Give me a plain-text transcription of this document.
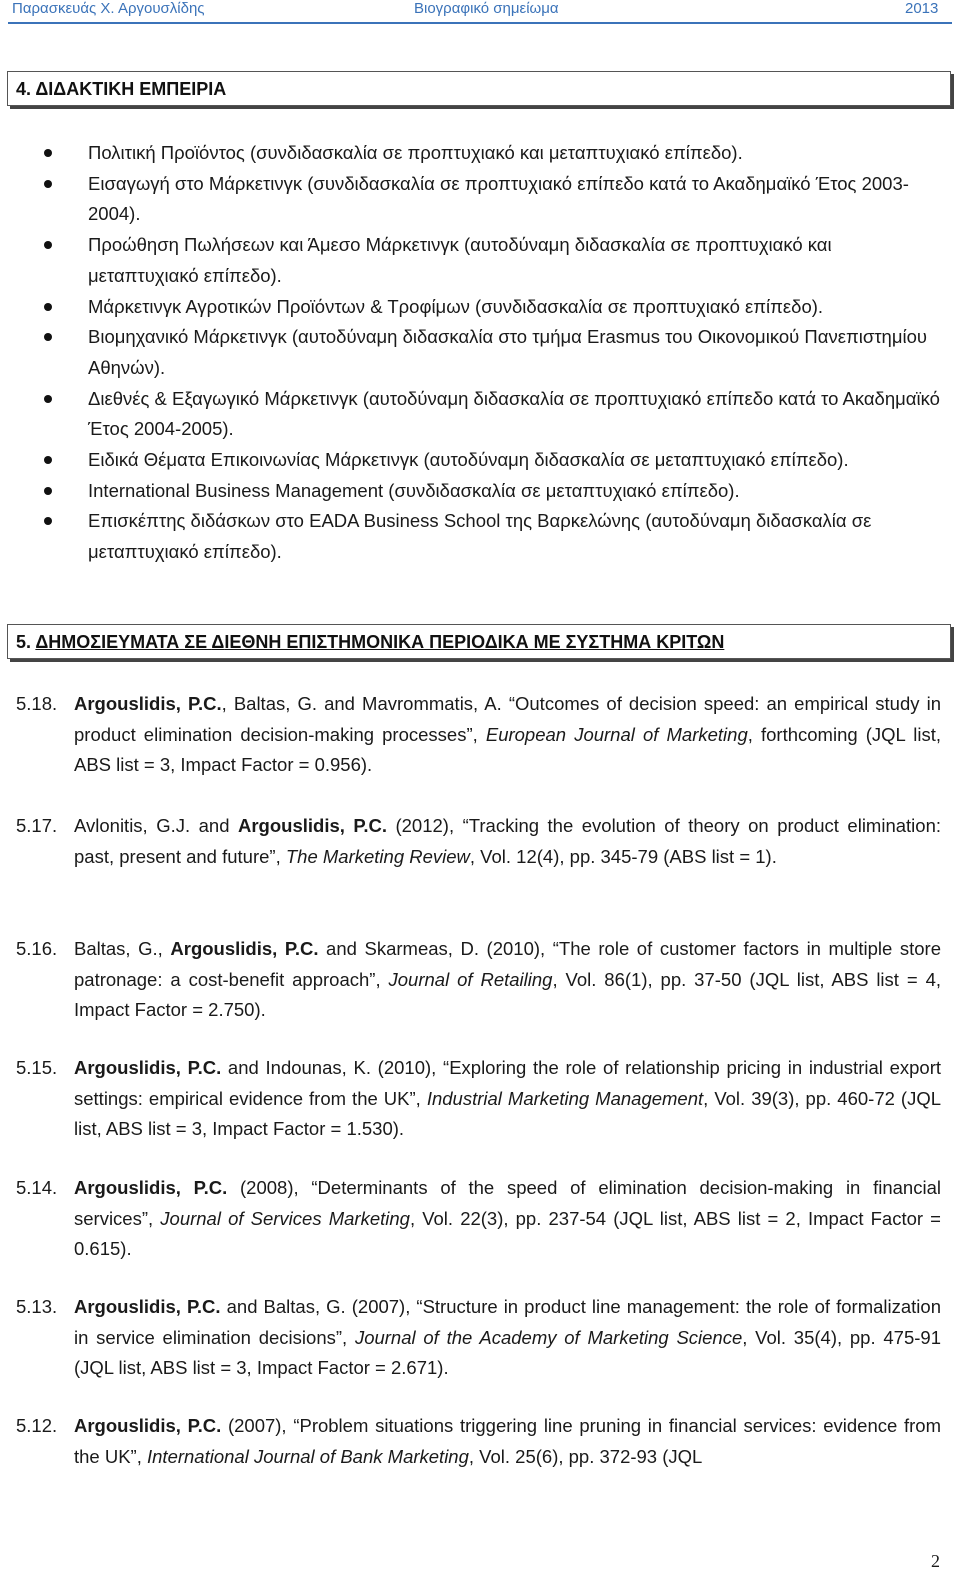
Παρασκευάς Χ. Αργουσλίδης	Βιογραφικό σημείωμα	2013
4. ΔΙΔΑΚΤΙΚΗ ΕΜΠΕΙΡΙΑ
Πολιτική Προϊόντος (συνδιδασκαλία σε προπτυχιακό και μεταπτυχιακό επίπεδο).
Εισαγωγή στο Μάρκετινγκ (συνδιδασκαλία σε προπτυχιακό επίπεδο κατά το Ακαδημαϊκό Έτος 2003-2004).
Προώθηση Πωλήσεων και Άμεσο Μάρκετινγκ (αυτοδύναμη διδασκαλία σε προπτυχιακό και μεταπτυχιακό επίπεδο).
Μάρκετινγκ Αγροτικών Προϊόντων & Τροφίμων (συνδιδασκαλία σε προπτυχιακό επίπεδο).
Βιομηχανικό Μάρκετινγκ (αυτοδύναμη διδασκαλία στο τμήμα Erasmus του Οικονομικού Πανεπιστημίου Αθηνών).
Διεθνές & Εξαγωγικό Μάρκετινγκ (αυτοδύναμη διδασκαλία σε προπτυχιακό επίπεδο κατά το Ακαδημαϊκό Έτος 2004-2005).
Ειδικά Θέματα Επικοινωνίας Μάρκετινγκ (αυτοδύναμη διδασκαλία σε μεταπτυχιακό επίπεδο).
International Business Management (συνδιδασκαλία σε μεταπτυχιακό επίπεδο).
Επισκέπτης διδάσκων στο EADA Business School της Βαρκελώνης (αυτοδύναμη διδασκαλία σε μεταπτυχιακό επίπεδο).
5. ΔΗΜΟΣΙΕΥΜΑΤΑ ΣΕ ΔΙΕΘΝΗ ΕΠΙΣΤΗΜΟΝΙΚΑ ΠΕΡΙΟΔΙΚΑ ΜΕ ΣΥΣΤΗΜΑ ΚΡΙΤΩΝ
5.18. Argouslidis, P.C., Baltas, G. and Mavrommatis, A. “Outcomes of decision speed: an empirical study in product elimination decision-making processes”, European Journal of Marketing, forthcoming (JQL list, ABS list = 3, Impact Factor = 0.956).
5.17. Avlonitis, G.J. and Argouslidis, P.C. (2012), “Tracking the evolution of theory on product elimination: past, present and future”, The Marketing Review, Vol. 12(4), pp. 345-79 (ABS list = 1).
5.16. Baltas, G., Argouslidis, P.C. and Skarmeas, D. (2010), “The role of customer factors in multiple store patronage: a cost-benefit approach”, Journal of Retailing, Vol. 86(1), pp. 37-50 (JQL list, ABS list = 4, Impact Factor = 2.750).
5.15. Argouslidis, P.C. and Indounas, K. (2010), “Exploring the role of relationship pricing in industrial export settings: empirical evidence from the UK”, Industrial Marketing Management, Vol. 39(3), pp. 460-72 (JQL list, ABS list = 3, Impact Factor = 1.530).
5.14. Argouslidis, P.C. (2008), “Determinants of the speed of elimination decision-making in financial services”, Journal of Services Marketing, Vol. 22(3), pp. 237-54 (JQL list, ABS list = 2, Impact Factor = 0.615).
5.13. Argouslidis, P.C. and Baltas, G. (2007), “Structure in product line management: the role of formalization in service elimination decisions”, Journal of the Academy of Marketing Science, Vol. 35(4), pp. 475-91 (JQL list, ABS list = 3, Impact Factor = 2.671).
5.12. Argouslidis, P.C. (2007), “Problem situations triggering line pruning in financial services: evidence from the UK”, International Journal of Bank Marketing, Vol. 25(6), pp. 372-93 (JQL
2
